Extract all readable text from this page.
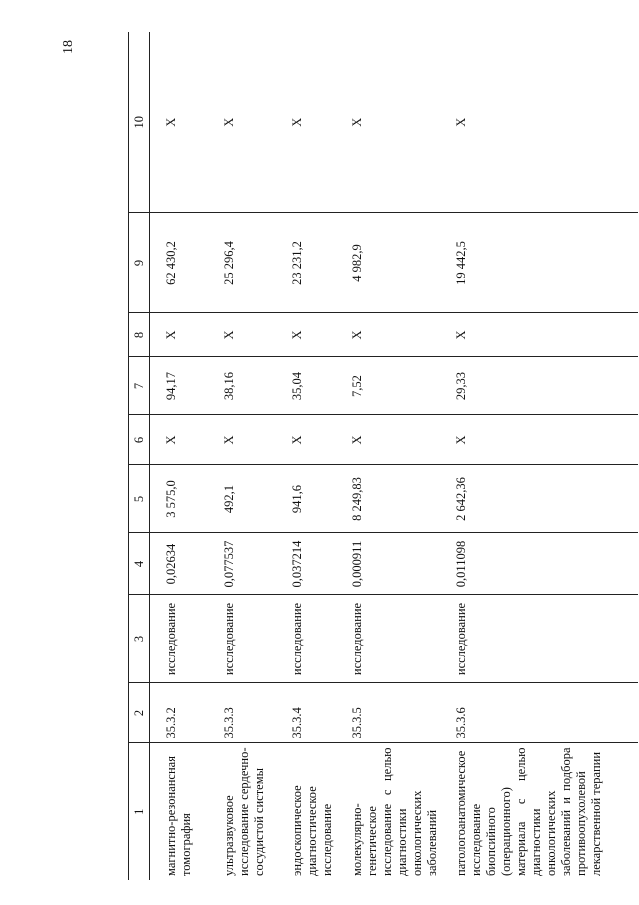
18
1	2	3	4	5	6	7	8	9	10
магнитно-резонансная томография	35.3.2	исследование	0,02634	3 575,0	X	94,17	X	62 430,2	X
ультразвуковое исследование сердечно-сосудистой системы	35.3.3	исследование	0,077537	492,1	X	38,16	X	25 296,4	X
эндоскопическое диагностическое исследование	35.3.4	исследование	0,037214	941,6	X	35,04	X	23 231,2	X
молекулярно-генетическое исследование с целью диагностики онкологических заболеваний	35.3.5	исследование	0,000911	8 249,83	X	7,52	X	4 982,9	X
патологоанатомическое исследование биопсийного (операционного) материала с целью диагностики онкологических заболеваний и подбора противоопухолевой лекарственной терапии	35.3.6	исследование	0,011098	2 642,36	X	29,33	X	19 442,5	X
